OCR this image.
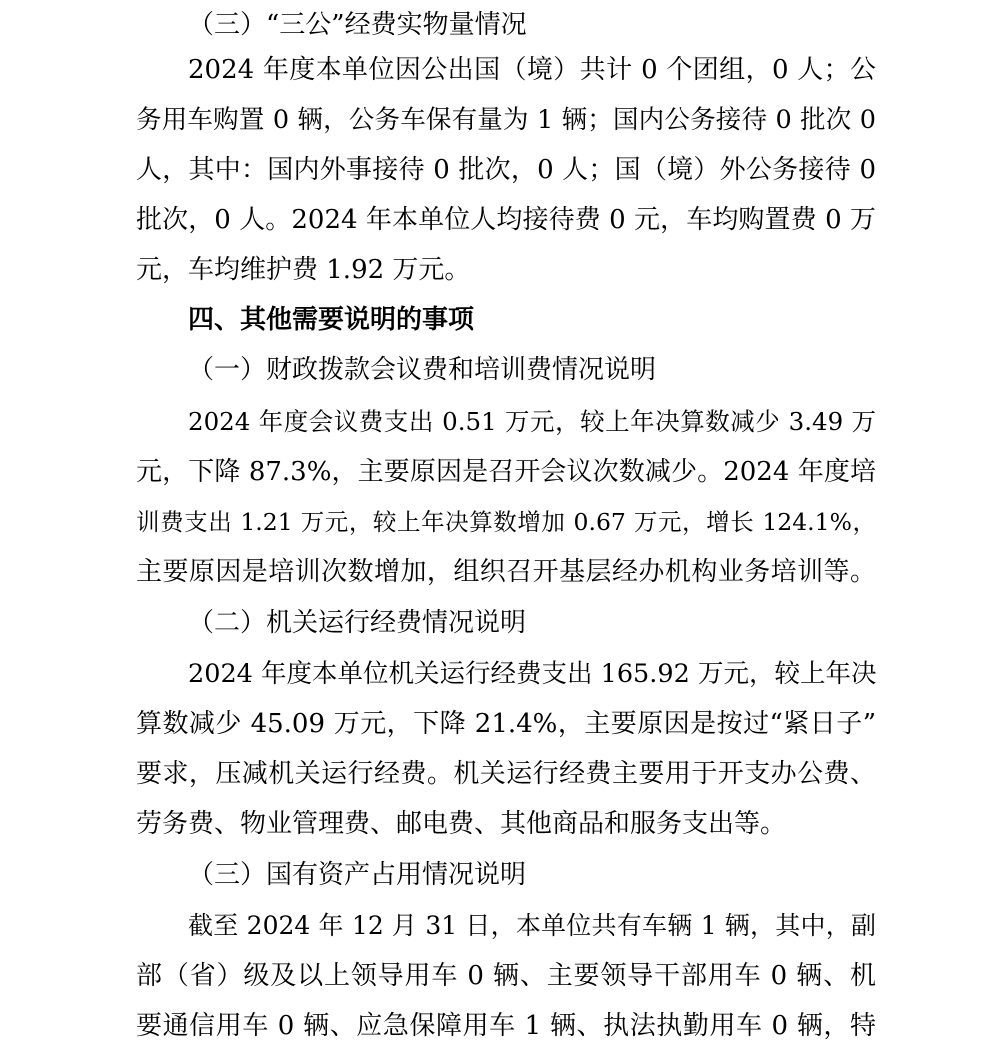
（三）“三公”经费实物量情况
2024 年度本单位因公出国（境）共计 0 个团组，0 人；公
务用车购置 0 辆，公务车保有量为 1 辆；国内公务接待 0 批次 0
人，其中：国内外事接待 0 批次，0 人；国（境）外公务接待 0
批次，0 人。2024 年本单位人均接待费 0 元，车均购置费 0 万
元，车均维护费 1.92 万元。
四、其他需要说明的事项
（一）财政拨款会议费和培训费情况说明
2024 年度会议费支出 0.51 万元，较上年决算数减少 3.49 万
元，下降 87.3%，主要原因是召开会议次数减少。2024 年度培
训费支出 1.21 万元，较上年决算数增加 0.67 万元，增长 124.1%，
主要原因是培训次数增加，组织召开基层经办机构业务培训等。
（二）机关运行经费情况说明
2024 年度本单位机关运行经费支出 165.92 万元，较上年决
算数减少 45.09 万元，下降 21.4%，主要原因是按过“紧日子”
要求，压减机关运行经费。机关运行经费主要用于开支办公费、
劳务费、物业管理费、邮电费、其他商品和服务支出等。
（三）国有资产占用情况说明
截至 2024 年 12 月 31 日，本单位共有车辆 1 辆，其中，副
部（省）级及以上领导用车 0 辆、主要领导干部用车 0 辆、机
要通信用车 0 辆、应急保障用车 1 辆、执法执勤用车 0 辆，特
